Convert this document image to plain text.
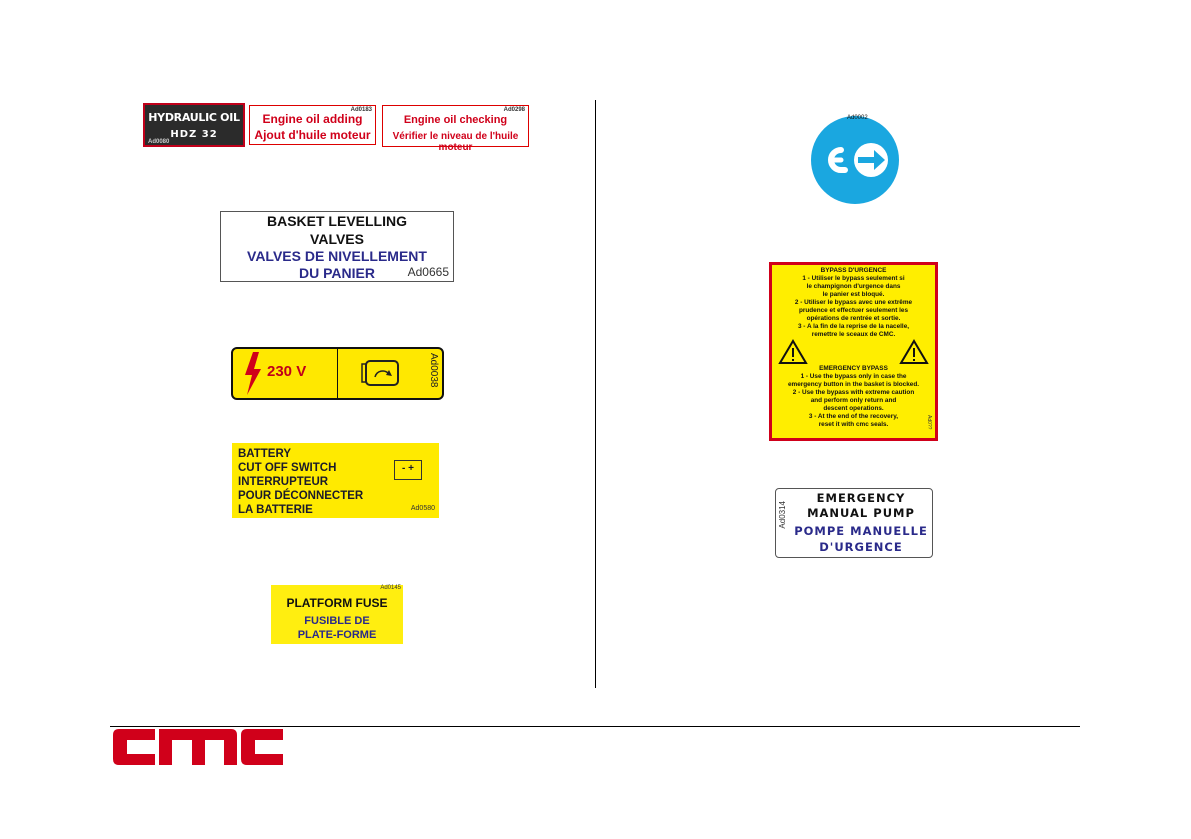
HYDRAULIC OIL
HDZ 32
Ad0080
Engine oil adding
Ajout d'huile moteur
Ad0183
Engine oil checking
Vérifier le niveau de l'huile moteur
Ad0298
BASKET LEVELLING
VALVES
VALVES DE NIVELLEMENT
DU PANIER	Ad0665
230 V	Ad0038
BATTERY
CUT OFF SWITCH
INTERRUPTEUR
POUR DÉCONNECTER
LA BATTERIE
- +
Ad0580
PLATFORM FUSE
FUSIBLE DE
PLATE-FORME
Ad0145
Ad0002
BYPASS D'URGENCE
1 - Utiliser le bypass seulement si
le champignon d'urgence dans
le panier est bloqué.
2 - Utiliser le bypass avec une extrême
prudence et effectuer seulement les
opérations de rentrée et sortie.
3 - A la fin de la reprise de la nacelle,
remettre le sceaux de CMC.
EMERGENCY BYPASS
1 - Use the bypass only in case the
emergency button in the basket is blocked.
2 - Use the bypass with extreme caution
and perform only return and
descent operations.
3 - At the end of the recovery,
reset it with cmc seals.	Ad0??
Ad0314
EMERGENCY
MANUAL PUMP
POMPE MANUELLE
D'URGENCE
